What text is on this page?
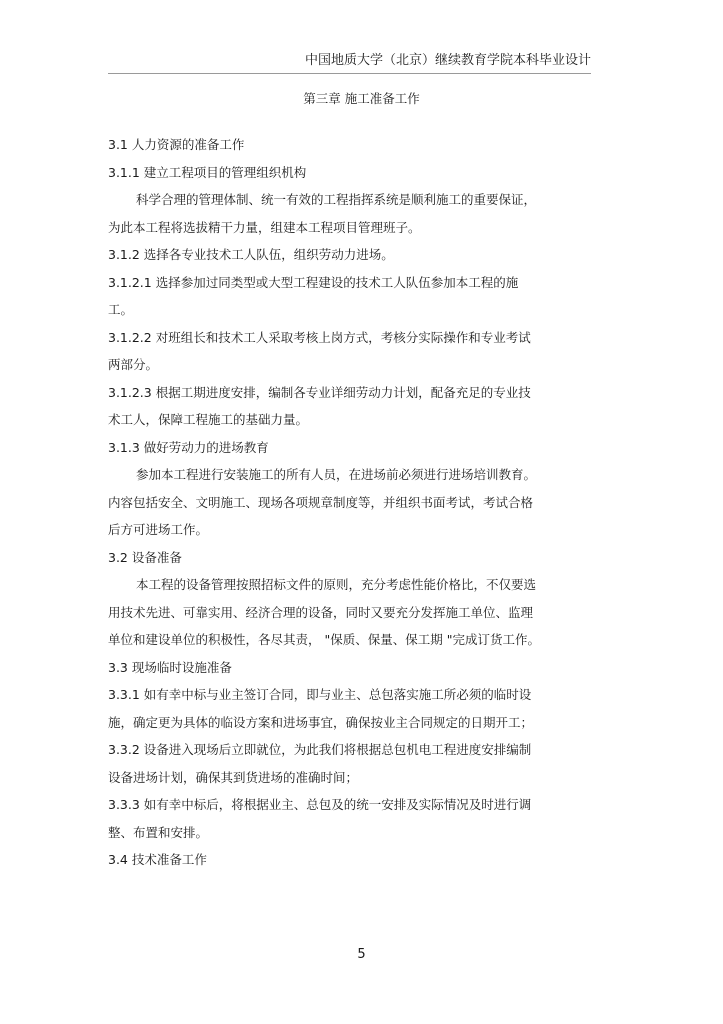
中国地质大学（北京）继续教育学院本科毕业设计
第三章 施工准备工作
3.1 人力资源的准备工作
3.1.1 建立工程项目的管理组织机构
科学合理的管理体制、统一有效的工程指挥系统是顺利施工的重要保证，
为此本工程将选拔精干力量，组建本工程项目管理班子。
3.1.2 选择各专业技术工人队伍，组织劳动力进场。
3.1.2.1 选择参加过同类型或大型工程建设的技术工人队伍参加本工程的施
工。
3.1.2.2 对班组长和技术工人采取考核上岗方式，考核分实际操作和专业考试
两部分。
3.1.2.3 根据工期进度安排，编制各专业详细劳动力计划，配备充足的专业技
术工人，保障工程施工的基础力量。
3.1.3 做好劳动力的进场教育
参加本工程进行安装施工的所有人员，在进场前必须进行进场培训教育。
内容包括安全、文明施工、现场各项规章制度等，并组织书面考试，考试合格
后方可进场工作。
3.2 设备准备
本工程的设备管理按照招标文件的原则，充分考虑性能价格比，不仅要选
用技术先进、可靠实用、经济合理的设备，同时又要充分发挥施工单位、监理
单位和建设单位的积极性，各尽其责， "保质、保量、保工期 "完成订货工作。
3.3 现场临时设施准备
3.3.1 如有幸中标与业主签订合同，即与业主、总包落实施工所必须的临时设
施，确定更为具体的临设方案和进场事宜，确保按业主合同规定的日期开工；
3.3.2 设备进入现场后立即就位，为此我们将根据总包机电工程进度安排编制
设备进场计划，确保其到货进场的准确时间；
3.3.3 如有幸中标后，将根据业主、总包及的统一安排及实际情况及时进行调
整、布置和安排。
3.4 技术准备工作
5
